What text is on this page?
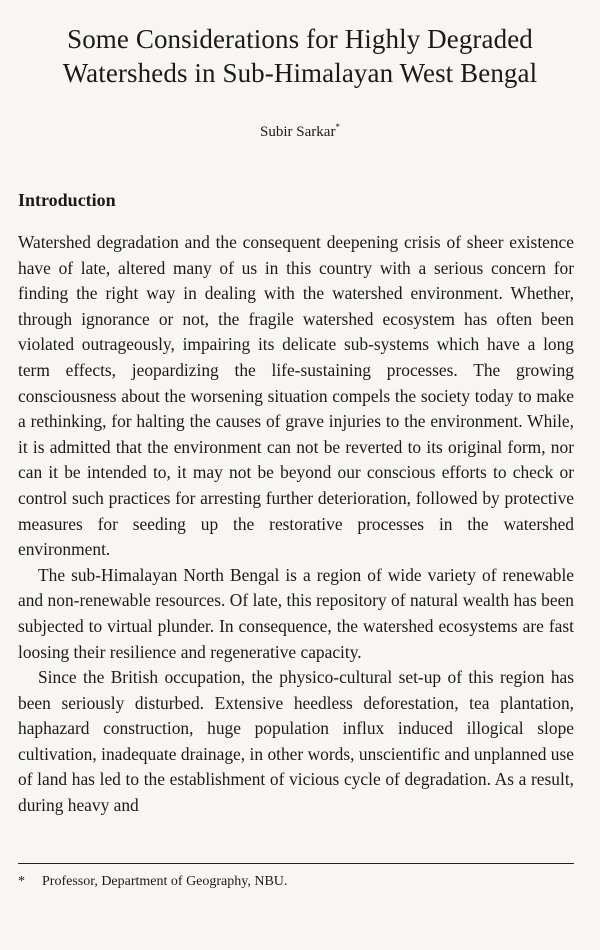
Some Considerations for Highly Degraded
Watersheds in Sub-Himalayan West Bengal
Subir Sarkar*
Introduction

Watershed degradation and the consequent deepening crisis of sheer existence have of late, altered many of us in this country with a serious concern for finding the right way in dealing with the watershed environment. Whether, through ignorance or not, the fragile watershed ecosystem has often been violated outrageously, impairing its delicate sub-systems which have a long term effects, jeopardizing the life-sustaining processes. The growing consciousness about the worsening situation compels the society today to make a rethinking, for halting the causes of grave injuries to the environment. While, it is admitted that the environment can not be reverted to its original form, nor can it be intended to, it may not be beyond our conscious efforts to check or control such practices for arresting further deterioration, followed by protective measures for seeding up the restorative processes in the watershed environment.

The sub-Himalayan North Bengal is a region of wide variety of renewable and non-renewable resources. Of late, this repository of natural wealth has been subjected to virtual plunder. In consequence, the watershed ecosystems are fast loosing their resilience and regenerative capacity.

Since the British occupation, the physico-cultural set-up of this region has been seriously disturbed. Extensive heedless deforestation, tea plantation, haphazard construction, huge population influx induced illogical slope cultivation, inadequate drainage, in other words, unscientific and unplanned use of land has led to the establishment of vicious cycle of degradation. As a result, during heavy and

* Professor, Department of Geography, NBU.
